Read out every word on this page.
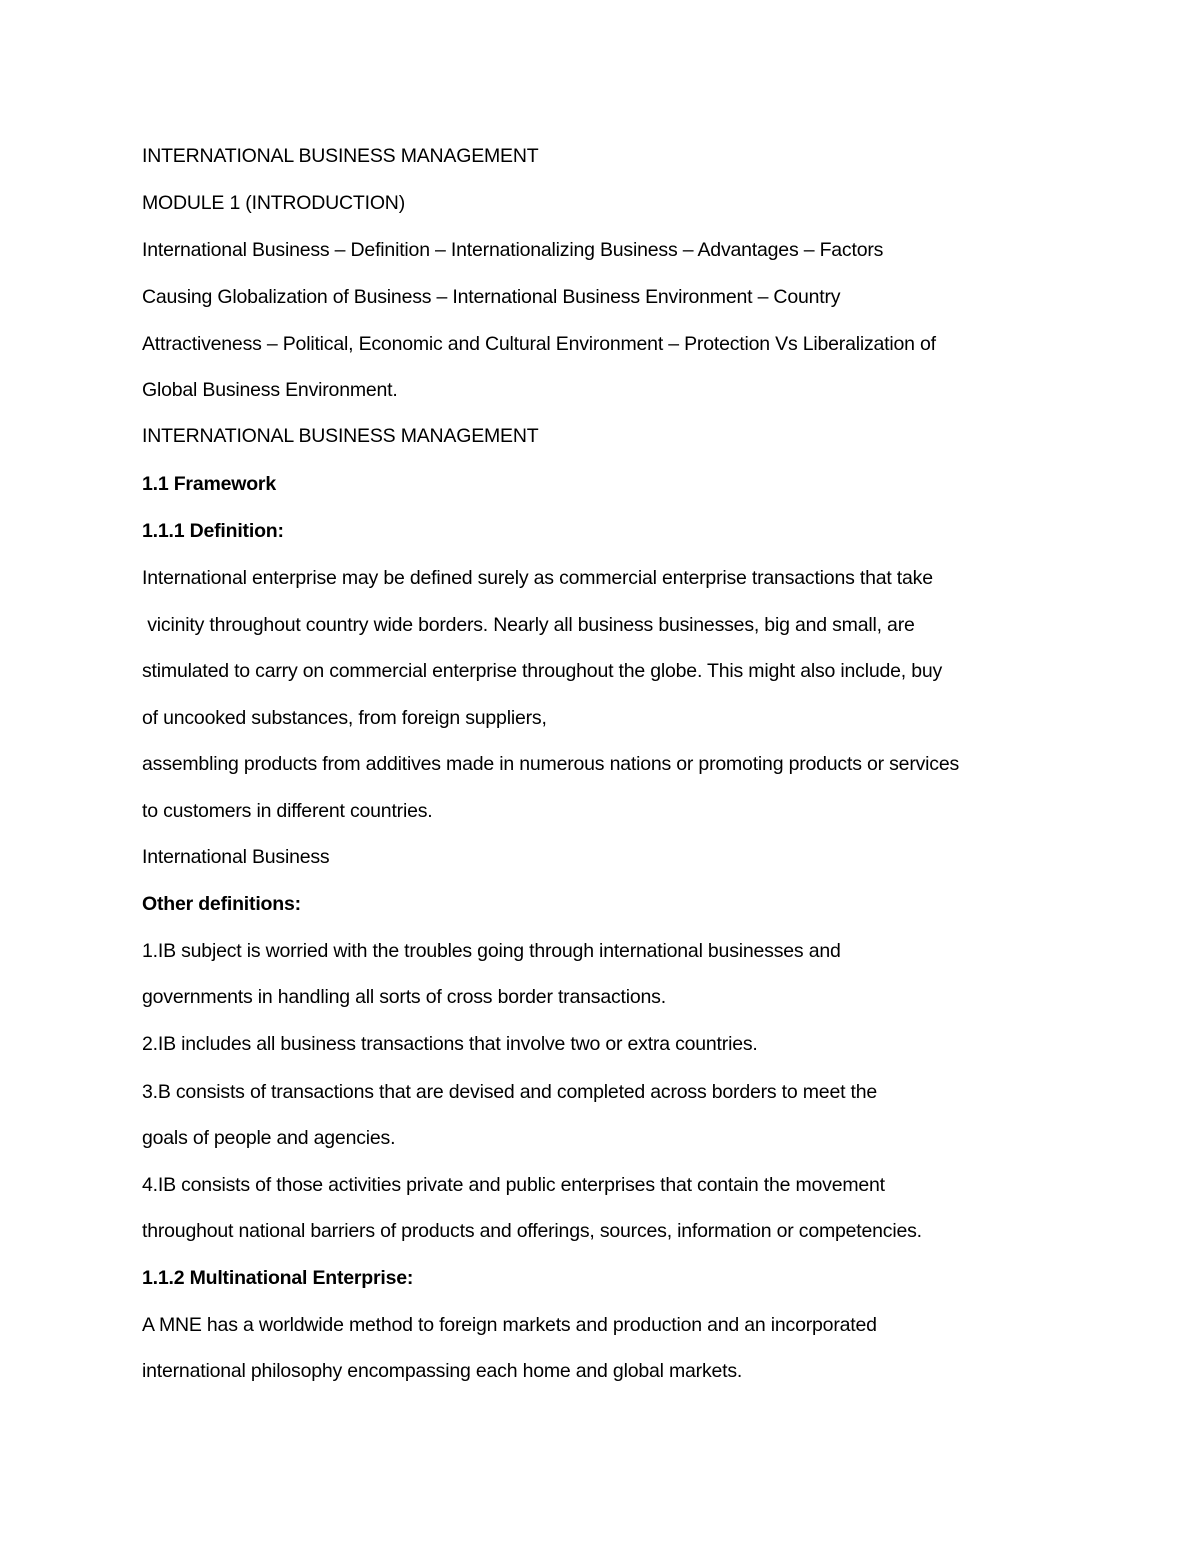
INTERNATIONAL BUSINESS MANAGEMENT
MODULE 1 (INTRODUCTION)
International Business – Definition – Internationalizing Business – Advantages – Factors
Causing Globalization of Business – International Business Environment – Country
Attractiveness – Political, Economic and Cultural Environment – Protection Vs Liberalization of
Global Business Environment.
INTERNATIONAL BUSINESS MANAGEMENT
1.1 Framework
1.1.1 Definition:
International enterprise may be defined surely as commercial enterprise transactions that take
vicinity throughout country wide borders. Nearly all business businesses, big and small, are
stimulated to carry on commercial enterprise throughout the globe. This might also include, buy
of uncooked substances, from foreign suppliers,
assembling products from additives made in numerous nations or promoting products or services
to customers in different countries.
International Business
Other definitions:
1.IB subject is worried with the troubles going through international businesses and
governments in handling all sorts of cross border transactions.
2.IB includes all business transactions that involve two or extra countries.
3.B consists of transactions that are devised and completed across borders to meet the
goals of people and agencies.
4.IB consists of those activities private and public enterprises that contain the movement
throughout national barriers of products and offerings, sources, information or competencies.
1.1.2 Multinational Enterprise:
A MNE has a worldwide method to foreign markets and production and an incorporated
international philosophy encompassing each home and global markets.
